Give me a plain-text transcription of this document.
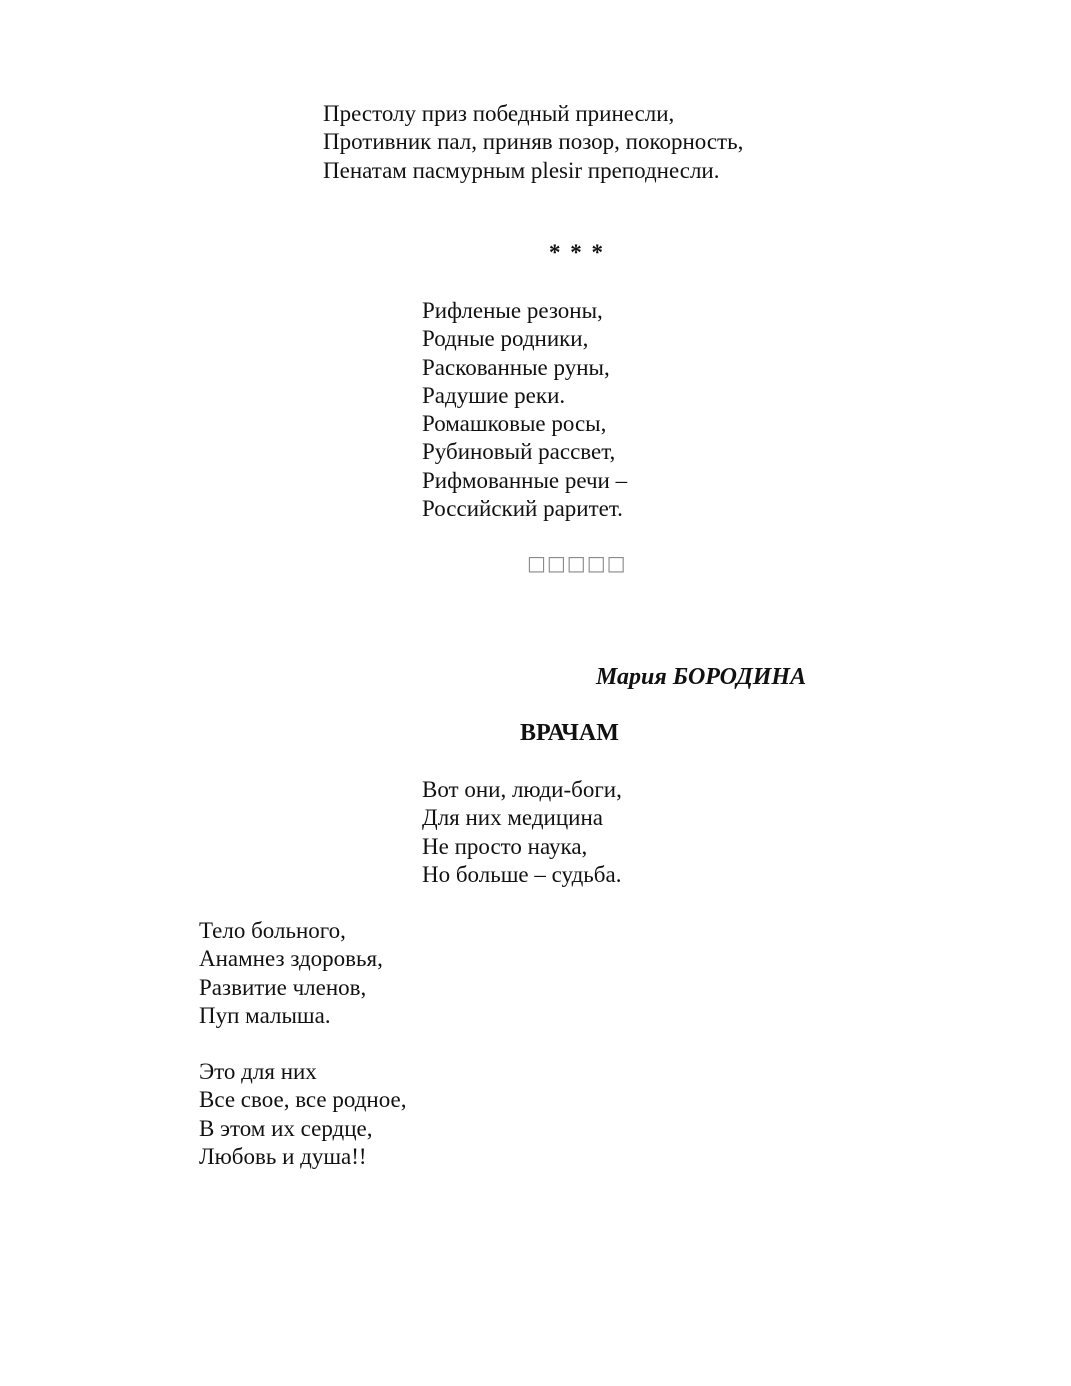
Престолу приз победный принесли,
Противник пал, приняв позор, покорность,
Пенатам пасмурным plesir преподнесли.
* * *
Рифленые резоны,
Родные родники,
Раскованные руны,
Радушие реки.
Ромашковые росы,
Рубиновый рассвет,
Рифмованные речи –
Российский раритет.
□□□□□
Мария БОРОДИНА
ВРАЧАМ
Вот они, люди-боги,
Для них медицина
Не просто наука,
Но больше – судьба.
Тело больного,
Анамнез здоровья,
Развитие членов,
Пуп малыша.
Это для них
Все свое, все родное,
В этом их сердце,
Любовь и душа!!
